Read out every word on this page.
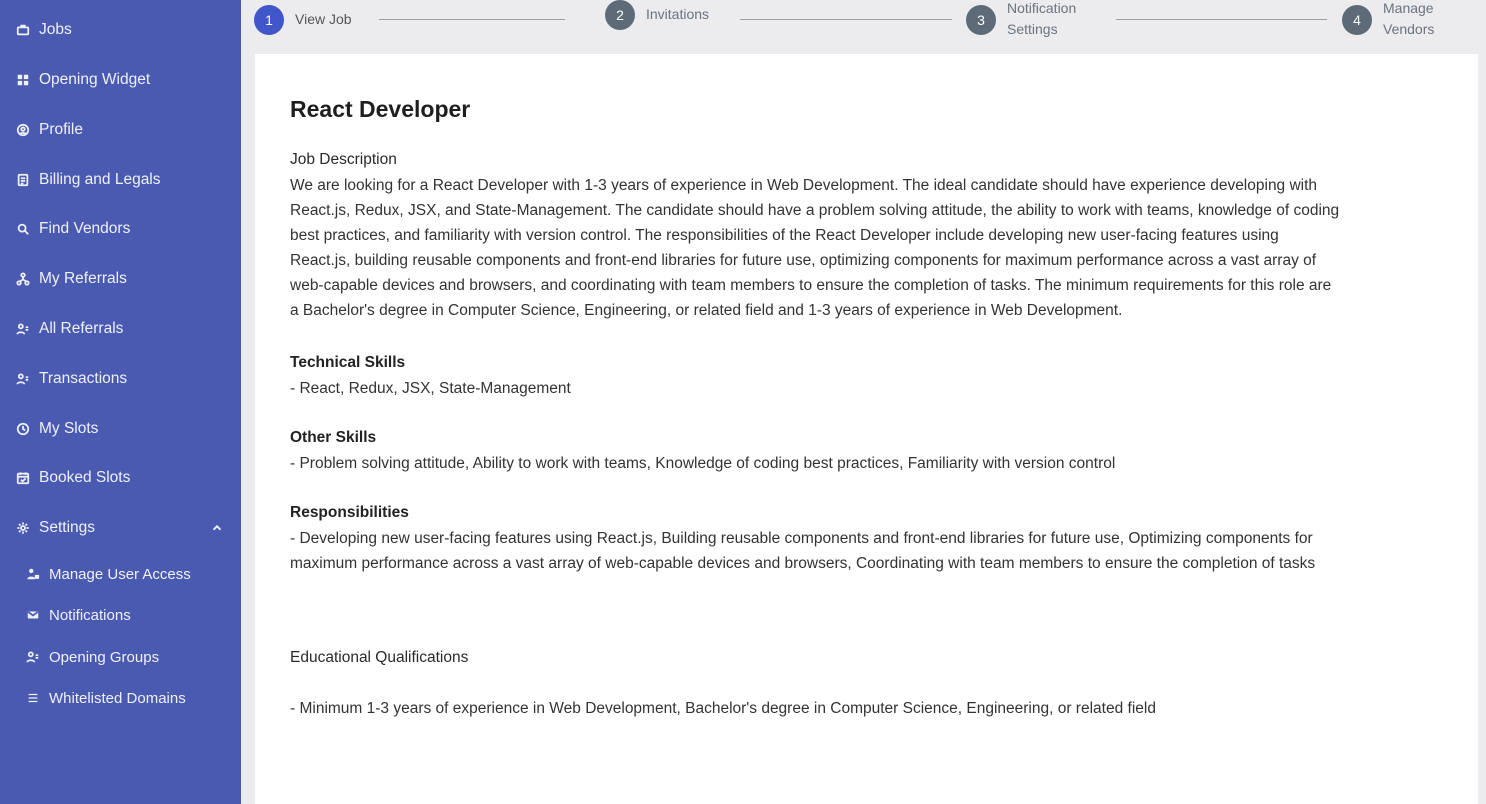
Jobs
Opening Widget
Profile
Billing and Legals
Find Vendors
My Referrals
All Referrals
Transactions
My Slots
Booked Slots
Settings
Manage User Access
Notifications
Opening Groups
Whitelisted Domains
1	View Job	2	Invitations	3
Notification
Settings
4
Manage
Vendors
React Developer
Job Description
We are looking for a React Developer with 1-3 years of experience in Web Development. The ideal candidate should have experience developing with
React.js, Redux, JSX, and State-Management. The candidate should have a problem solving attitude, the ability to work with teams, knowledge of coding
best practices, and familiarity with version control. The responsibilities of the React Developer include developing new user-facing features using
React.js, building reusable components and front-end libraries for future use, optimizing components for maximum performance across a vast array of
web-capable devices and browsers, and coordinating with team members to ensure the completion of tasks. The minimum requirements for this role are
a Bachelor's degree in Computer Science, Engineering, or related field and 1-3 years of experience in Web Development.
Technical Skills
- React, Redux, JSX, State-Management
Other Skills
- Problem solving attitude, Ability to work with teams, Knowledge of coding best practices, Familiarity with version control
Responsibilities
- Developing new user-facing features using React.js, Building reusable components and front-end libraries for future use, Optimizing components for
maximum performance across a vast array of web-capable devices and browsers, Coordinating with team members to ensure the completion of tasks
Educational Qualifications
- Minimum 1-3 years of experience in Web Development, Bachelor's degree in Computer Science, Engineering, or related field
